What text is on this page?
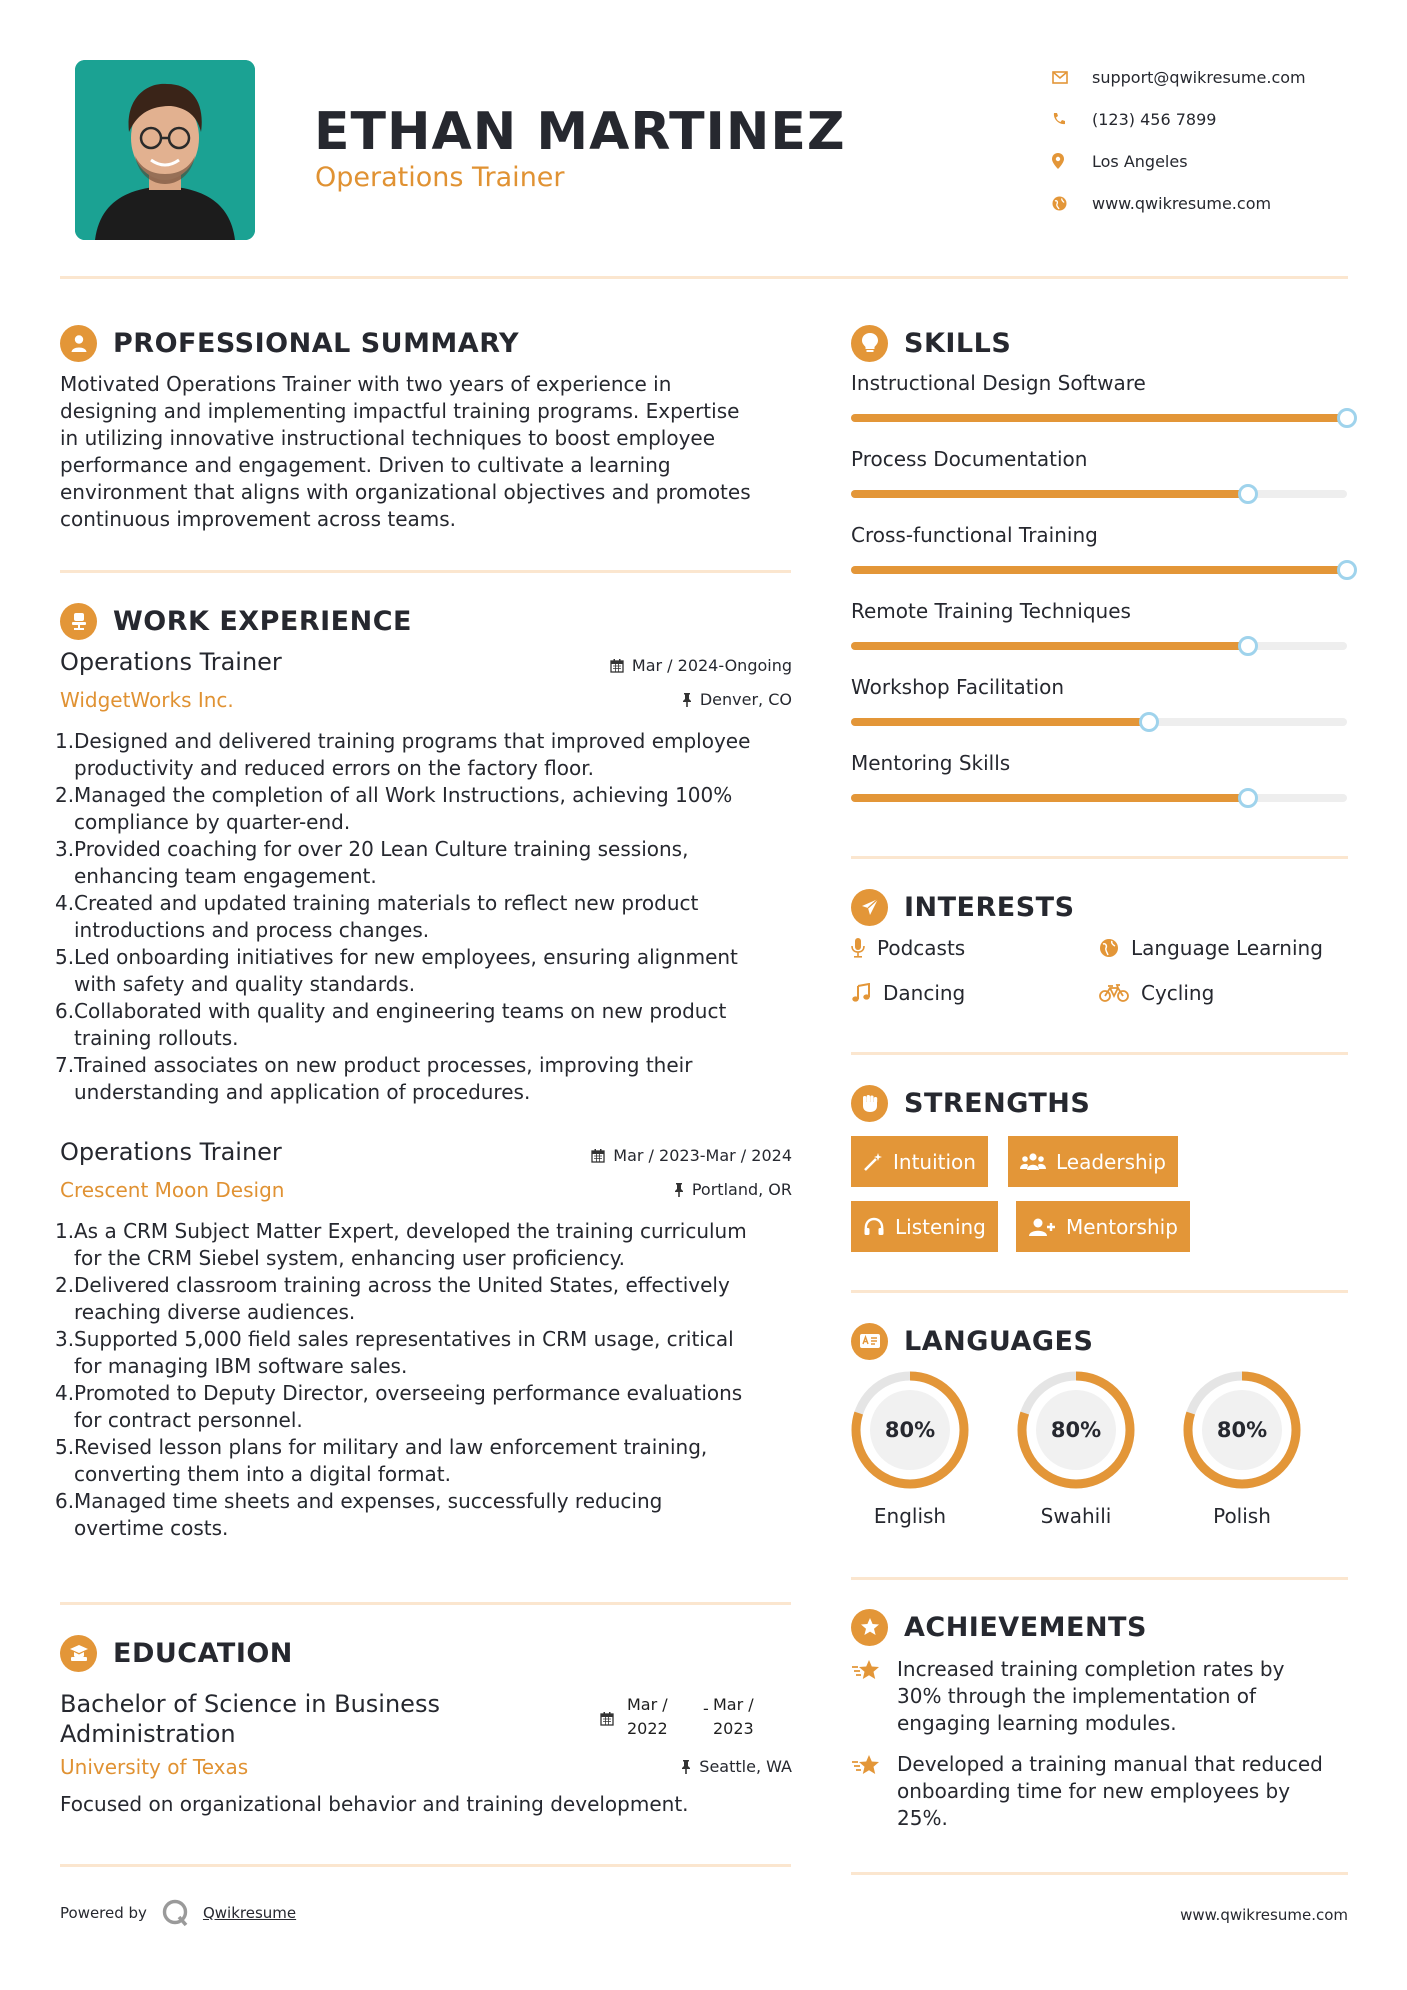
ETHAN MARTINEZ
Operations Trainer
support@qwikresume.com
(123) 456 7899
Los Angeles
www.qwikresume.com
PROFESSIONAL SUMMARY
Motivated Operations Trainer with two years of experience in
designing and implementing impactful training programs. Expertise
in utilizing innovative instructional techniques to boost employee
performance and engagement. Driven to cultivate a learning
environment that aligns with organizational objectives and promotes
continuous improvement across teams.
WORK EXPERIENCE
Operations Trainer	Mar / 2024-Ongoing
WidgetWorks Inc.	Denver, CO
1. Designed and delivered training programs that improved employee
productivity and reduced errors on the factory floor.
2. Managed the completion of all Work Instructions, achieving 100%
compliance by quarter-end.
3. Provided coaching for over 20 Lean Culture training sessions,
enhancing team engagement.
4. Created and updated training materials to reflect new product
introductions and process changes.
5. Led onboarding initiatives for new employees, ensuring alignment
with safety and quality standards.
6. Collaborated with quality and engineering teams on new product
training rollouts.
7. Trained associates on new product processes, improving their
understanding and application of procedures.
Operations Trainer	Mar / 2023-Mar / 2024
Crescent Moon Design	Portland, OR
1. As a CRM Subject Matter Expert, developed the training curriculum
for the CRM Siebel system, enhancing user proficiency.
2. Delivered classroom training across the United States, effectively
reaching diverse audiences.
3. Supported 5,000 field sales representatives in CRM usage, critical
for managing IBM software sales.
4. Promoted to Deputy Director, overseeing performance evaluations
for contract personnel.
5. Revised lesson plans for military and law enforcement training,
converting them into a digital format.
6. Managed time sheets and expenses, successfully reducing
overtime costs.
EDUCATION
Bachelor of Science in Business
Administration
Mar /
2022
- Mar /
2023
University of Texas	Seattle, WA
Focused on organizational behavior and training development.
SKILLS
Instructional Design Software
Process Documentation
Cross-functional Training
Remote Training Techniques
Workshop Facilitation
Mentoring Skills
INTERESTS
Podcasts	Language Learning
Dancing	Cycling
STRENGTHS
Intuition	Leadership
Listening	Mentorship
LANGUAGES
80%
English
80%
Swahili
80%
Polish
ACHIEVEMENTS
Increased training completion rates by
30% through the implementation of
engaging learning modules.
Developed a training manual that reduced
onboarding time for new employees by
25%.
Powered by	Qwikresume	www.qwikresume.com
